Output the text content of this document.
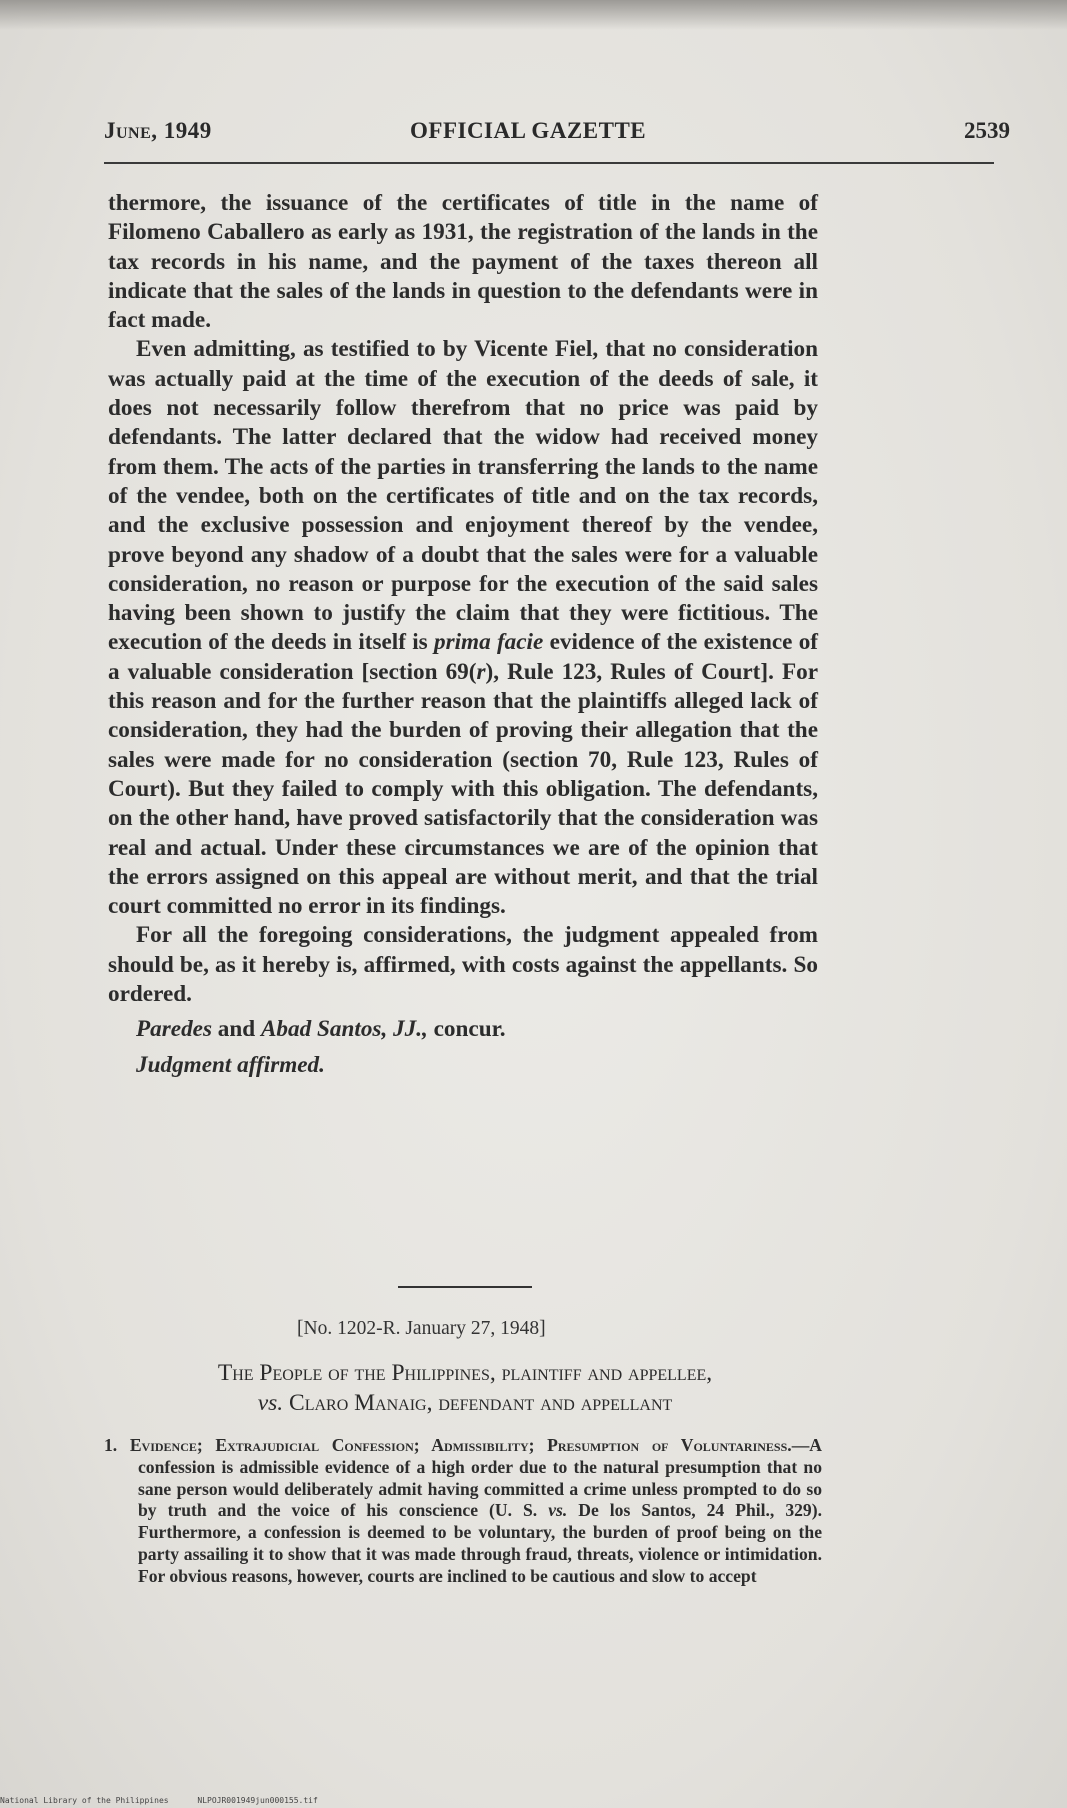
June, 1949	OFFICIAL GAZETTE	2539

thermore, the issuance of the certificates of title in the name of Filomeno Caballero as early as 1931, the registration of the lands in the tax records in his name, and the payment of the taxes thereon all indicate that the sales of the lands in question to the defendants were in fact made.

Even admitting, as testified to by Vicente Fiel, that no consideration was actually paid at the time of the execution of the deeds of sale, it does not necessarily follow therefrom that no price was paid by defendants. The latter declared that the widow had received money from them. The acts of the parties in transferring the lands to the name of the vendee, both on the certificates of title and on the tax records, and the exclusive possession and enjoyment thereof by the vendee, prove beyond any shadow of a doubt that the sales were for a valuable consideration, no reason or purpose for the execution of the said sales having been shown to justify the claim that they were fictitious. The execution of the deeds in itself is prima facie evidence of the existence of a valuable consideration [section 69(r), Rule 123, Rules of Court]. For this reason and for the further reason that the plaintiffs alleged lack of consideration, they had the burden of proving their allegation that the sales were made for no consideration (section 70, Rule 123, Rules of Court). But they failed to comply with this obligation. The defendants, on the other hand, have proved satisfactorily that the consideration was real and actual. Under these circumstances we are of the opinion that the errors assigned on this appeal are without merit, and that the trial court committed no error in its findings.

For all the foregoing considerations, the judgment appealed from should be, as it hereby is, affirmed, with costs against the appellants. So ordered.

Paredes and Abad Santos, JJ., concur.

Judgment affirmed.

[No. 1202-R. January 27, 1948]
The People of the Philippines, plaintiff and appellee,
vs. Claro Manaig, defendant and appellant

1. Evidence; Extrajudicial Confession; Admissibility; Presumption of Voluntariness.—A confession is admissible evidence of a high order due to the natural presumption that no sane person would deliberately admit having committed a crime unless prompted to do so by truth and the voice of his conscience (U. S. vs. De los Santos, 24 Phil., 329). Furthermore, a confession is deemed to be voluntary, the burden of proof being on the party assailing it to show that it was made through fraud, threats, violence or intimidation. For obvious reasons, however, courts are inclined to be cautious and slow to accept

National Library of the Philippines	NLPOJR001949jun000155.tif
